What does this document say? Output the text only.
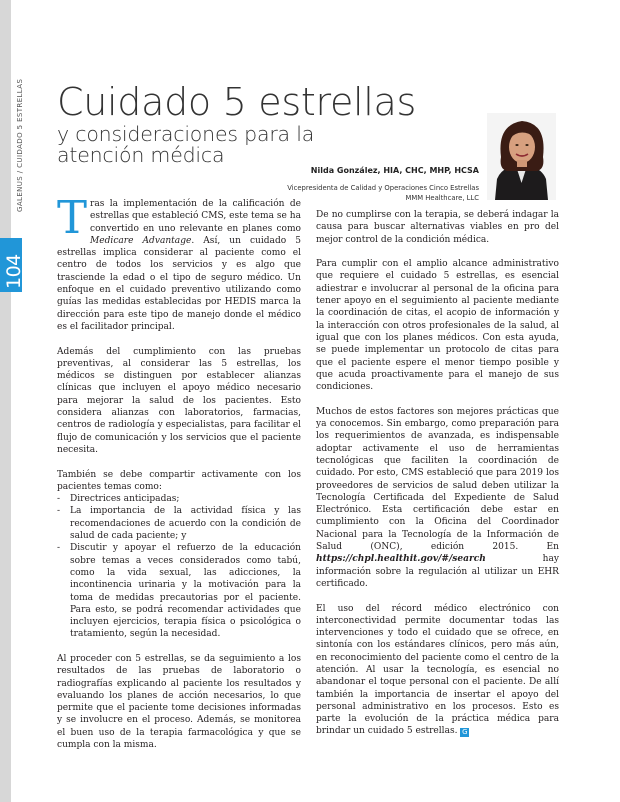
GALENUS / CUIDADO 5 ESTRELLAS
104
Cuidado 5 estrellas
y consideraciones para la atención médica
Nilda González, HIA, CHC, MHP, HCSA
Vicepresidenta de Calidad y Operaciones Cinco Estrellas
MMM Healthcare, LLC

Tras la implementación de la calificación de estrellas que estableció CMS, este tema se ha convertido en uno relevante en planes como Medicare Advantage. Así, un cuidado 5 estrellas implica considerar al paciente como el centro de todos los servicios y es algo que trasciende la edad o el tipo de seguro médico. Un enfoque en el cuidado preventivo utilizando como guías las medidas establecidas por HEDIS marca la dirección para este tipo de manejo donde el médico es el facilitador principal.

Además del cumplimiento con las pruebas preventivas, al considerar las 5 estrellas, los médicos se distinguen por establecer alianzas clínicas que incluyen el apoyo médico necesario para mejorar la salud de los pacientes. Esto considera alianzas con laboratorios, farmacias, centros de radiología y especialistas, para facilitar el flujo de comunicación y los servicios que el paciente necesita.

También se debe compartir activamente con los pacientes temas como:

- Directrices anticipadas;
- La importancia de la actividad física y las recomendaciones de acuerdo con la condición de salud de cada paciente; y
- Discutir y apoyar el refuerzo de la educación sobre temas a veces considerados como tabú, como la vida sexual, las adicciones, la incontinencia urinaria y la motivación para la toma de medidas precautorias por el paciente. Para esto, se podrá recomendar actividades que incluyen ejercicios, terapia física o psicológica o tratamiento, según la necesidad.

Al proceder con 5 estrellas, se da seguimiento a los resultados de las pruebas de laboratorio o radiografías explicando al paciente los resultados y evaluando los planes de acción necesarios, lo que permite que el paciente tome decisiones informadas y se involucre en el proceso. Además, se monitorea el buen uso de la terapia farmacológica y que se cumpla con la misma.

De no cumplirse con la terapia, se deberá indagar la causa para buscar alternativas viables en pro del mejor control de la condición médica.

Para cumplir con el amplio alcance administrativo que requiere el cuidado 5 estrellas, es esencial adiestrar e involucrar al personal de la oficina para tener apoyo en el seguimiento al paciente mediante la coordinación de citas, el acopio de información y la interacción con otros profesionales de la salud, al igual que con los planes médicos. Con esta ayuda, se puede implementar un protocolo de citas para que el paciente espere el menor tiempo posible y que acuda proactivamente para el manejo de sus condiciones.

Muchos de estos factores son mejores prácticas que ya conocemos. Sin embargo, como preparación para los requerimientos de avanzada, es indispensable adoptar activamente el uso de herramientas tecnológicas que faciliten la coordinación de cuidado. Por esto, CMS estableció que para 2019 los proveedores de servicios de salud deben utilizar la Tecnología Certificada del Expediente de Salud Electrónico. Esta certificación debe estar en cumplimiento con la Oficina del Coordinador Nacional para la Tecnología de la Información de Salud (ONC), edición 2015. En https://chpl.healthit.gov/#/search hay información sobre la regulación al utilizar un EHR certificado.

El uso del récord médico electrónico con interconectividad permite documentar todas las intervenciones y todo el cuidado que se ofrece, en sintonía con los estándares clínicos, pero más aún, en reconocimiento del paciente como el centro de la atención. Al usar la tecnología, es esencial no abandonar el toque personal con el paciente. De allí también la importancia de insertar el apoyo del personal administrativo en los procesos. Esto es parte la evolución de la práctica médica para brindar un cuidado 5 estrellas. G
